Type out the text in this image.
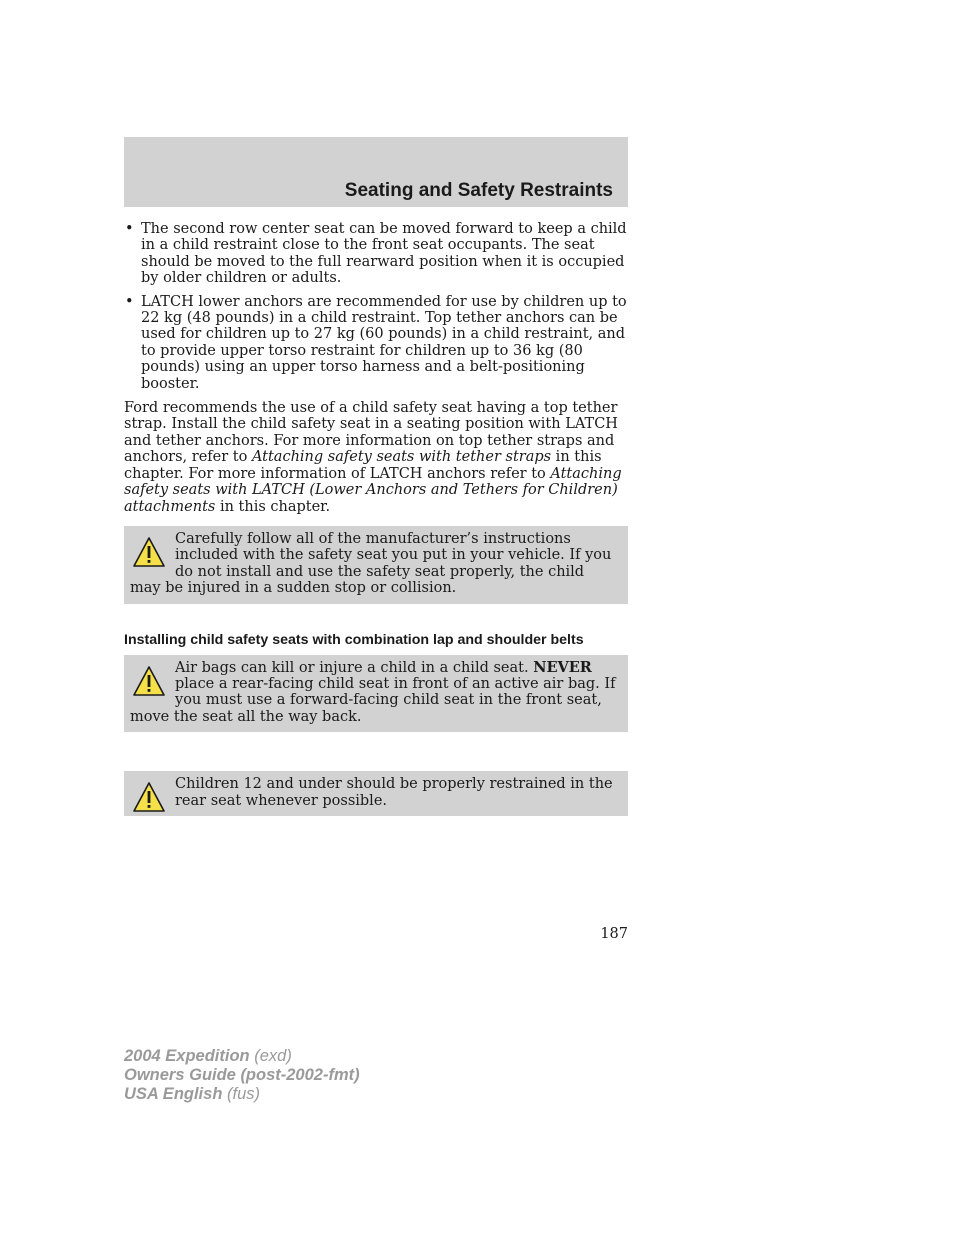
Seating and Safety Restraints
• The second row center seat can be moved forward to keep a child in a child restraint close to the front seat occupants. The seat should be moved to the full rearward position when it is occupied by older children or adults.
• LATCH lower anchors are recommended for use by children up to 22 kg (48 pounds) in a child restraint. Top tether anchors can be used for children up to 27 kg (60 pounds) in a child restraint, and to provide upper torso restraint for children up to 36 kg (80 pounds) using an upper torso harness and a belt-positioning booster.

Ford recommends the use of a child safety seat having a top tether strap. Install the child safety seat in a seating position with LATCH and tether anchors. For more information on top tether straps and anchors, refer to Attaching safety seats with tether straps in this chapter. For more information of LATCH anchors refer to Attaching safety seats with LATCH (Lower Anchors and Tethers for Children) attachments in this chapter.

Carefully follow all of the manufacturer’s instructions included with the safety seat you put in your vehicle. If you do not install and use the safety seat properly, the child may be injured in a sudden stop or collision.

Installing child safety seats with combination lap and shoulder belts

Air bags can kill or injure a child in a child seat. NEVER place a rear-facing child seat in front of an active air bag. If you must use a forward-facing child seat in the front seat, move the seat all the way back.

Children 12 and under should be properly restrained in the rear seat whenever possible.

187
2004 Expedition (exd)
Owners Guide (post-2002-fmt)
USA English (fus)
